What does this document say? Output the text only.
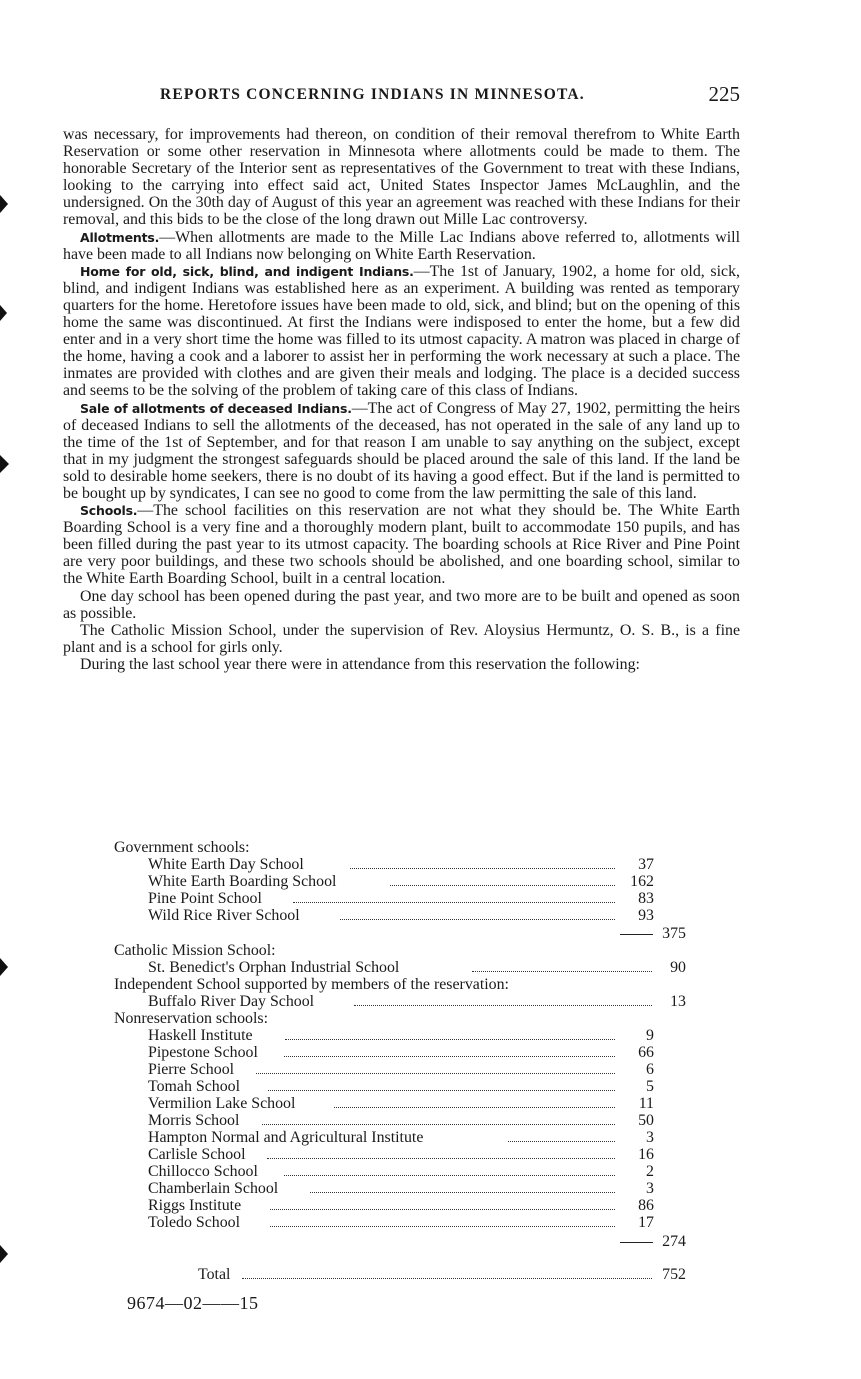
REPORTS CONCERNING INDIANS IN MINNESOTA.	225

was necessary, for improvements had thereon, on condition of their removal therefrom to White Earth Reservation or some other reservation in Minnesota where allotments could be made to them. The honorable Secretary of the Interior sent as representatives of the Government to treat with these Indians, looking to the carrying into effect said act, United States Inspector James McLaughlin, and the undersigned. On the 30th day of August of this year an agreement was reached with these Indians for their removal, and this bids to be the close of the long drawn out Mille Lac controversy.

Allotments.—When allotments are made to the Mille Lac Indians above referred to, allotments will have been made to all Indians now belonging on White Earth Reservation.

Home for old, sick, blind, and indigent Indians.—The 1st of January, 1902, a home for old, sick, blind, and indigent Indians was established here as an experiment. A building was rented as temporary quarters for the home. Heretofore issues have been made to old, sick, and blind; but on the opening of this home the same was discontinued. At first the Indians were indisposed to enter the home, but a few did enter and in a very short time the home was filled to its utmost capacity. A matron was placed in charge of the home, having a cook and a laborer to assist her in performing the work necessary at such a place. The inmates are provided with clothes and are given their meals and lodging. The place is a decided success and seems to be the solving of the problem of taking care of this class of Indians.

Sale of allotments of deceased Indians.—The act of Congress of May 27, 1902, permitting the heirs of deceased Indians to sell the allotments of the deceased, has not operated in the sale of any land up to the time of the 1st of September, and for that reason I am unable to say anything on the subject, except that in my judgment the strongest safeguards should be placed around the sale of this land. If the land be sold to desirable home seekers, there is no doubt of its having a good effect. But if the land is permitted to be bought up by syndicates, I can see no good to come from the law permitting the sale of this land.

Schools.—The school facilities on this reservation are not what they should be. The White Earth Boarding School is a very fine and a thoroughly modern plant, built to accommodate 150 pupils, and has been filled during the past year to its utmost capacity. The boarding schools at Rice River and Pine Point are very poor buildings, and these two schools should be abolished, and one boarding school, similar to the White Earth Boarding School, built in a central location.

One day school has been opened during the past year, and two more are to be built and opened as soon as possible.

The Catholic Mission School, under the supervision of Rev. Aloysius Hermuntz, O. S. B., is a fine plant and is a school for girls only.

During the last school year there were in attendance from this reservation the following:

Government schools:
White Earth Day School	37
White Earth Boarding School	162
Pine Point School	83
Wild Rice River School	93
375
Catholic Mission School:
St. Benedict's Orphan Industrial School	90
Independent School supported by members of the reservation:
Buffalo River Day School	13
Nonreservation schools:
Haskell Institute	9
Pipestone School	66
Pierre School	6
Tomah School	5
Vermilion Lake School	11
Morris School	50
Hampton Normal and Agricultural Institute	3
Carlisle School	16
Chillocco School	2
Chamberlain School	3
Riggs Institute	86
Toledo School	17
274
Total	752
9674—02——15
